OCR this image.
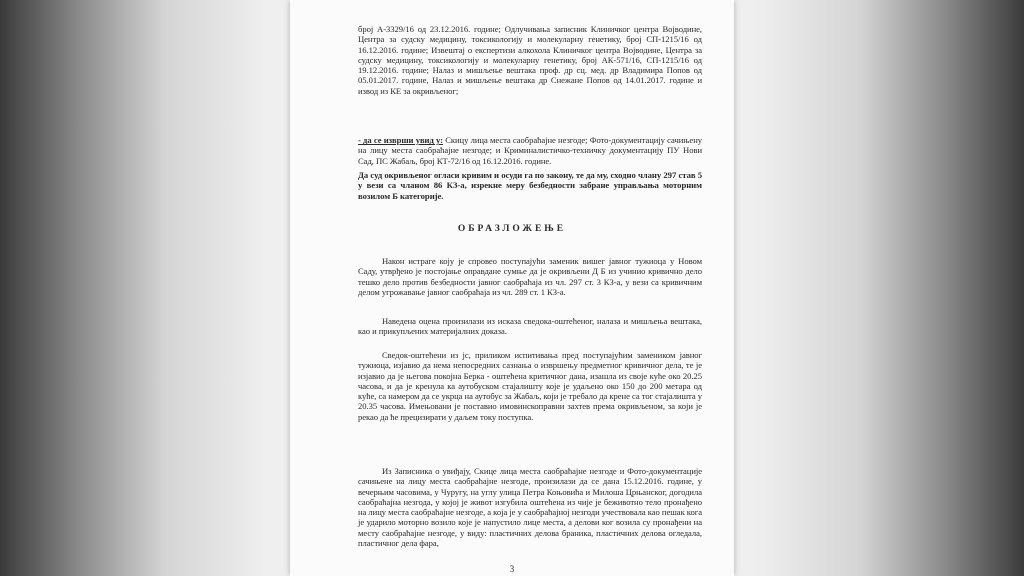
број А-3329/16 од 23.12.2016. године; Одлучивања записник Клиничког центра Војводине, Центра за судску медицину, токсикологију и молекуларну генетику, број СП-1215/16 од 16.12.2016. године; Извештај о експертизи алкохола Клиничког центра Војводине, Центра за судску медицину, токсикологију и молекуларну генетику, број АК-571/16, СП-1215/16 од 19.12.2016. године; Налаз и мишљење вештака проф. др сц. мед. др Владимира Попов од 05.01.2017. године, Налаз и мишљење вештака др Снежане Попов од 14.01.2017. године и извод из КЕ за окривљеног;
- да се изврши увид у: Скицу лица места саобраћајне незгоде; Фото-документацију сачињену на лицу места саобраћајне незгоде; и Криминалистичко-техничку документацију ПУ Нови Сад, ПС Жабаљ, број КТ-72/16 од 16.12.2016. године.
Да суд окривљеног огласи кривим и осуди га по закону, те да му, сходно члану 297 став 5 у вези са чланом 86 КЗ-а, изрекне меру безбедности забране управљања моторним возилом Б категорије.
ОБРАЗЛОЖЕЊЕ
Након истраге коју је спровео поступајући заменик вишег јавног тужиоца у Новом Саду, утврђено је постојање оправдане сумње да је окривљени Д Б из учинио кривично дело тешко дело против безбедности јавног саобраћаја из чл. 297 ст. 3 КЗ-а, у вези са кривичним делом угрожавање јавног саобраћаја из чл. 289 ст. 1 КЗ-а.
Наведена оцена произилази из исказа сведока-оштећеног, налаза и мишљења вештака, као и прикупљених материјалних доказа.
Сведок-оштећени из јс, приликом испитивања пред поступајућим замеником јавног тужиоца, изјавио да нема непосредних сазнања о извршењу предметног кривичног дела, те је изјавио да је његова покојна Берка - оштећена критичног дана, изашла из своје куће око 20.25 часова, и да је кренула ка аутобуском стајалишту које је удаљено око 150 до 200 метара од куће, са намером да се укрца на аутобус за Жабаљ, који је требало да крене са тог стајалишта у 20.35 часова. Имењовани је поставио имовинскоправни захтев према окривљеном, за који је рекао да ће прецизирати у даљем току поступка.
Из Записника о увиђају, Скице лица места саобраћајне незгоде и Фото-документације сачињене на лицу места саобраћајне незгоде, произилази да се дана 15.12.2016. године, у вечерњим часовима, у Чуругу, на углу улица Петра Коњовића и Милоша Црњанског, догодила саобраћајна незгода, у којој је живот изгубила оштећена из чије је беживотно тело пронађено на лицу места саобраћајне незгоде, а која је у саобраћајној незгоди учествовала као пешак кога је ударило моторно возило које је напустило лице места, а делови ког возила су пронађени на месту саобраћајне незгоде, у виду: пластичних делова браника, пластичних делова огледала, пластичног дела фара,
3
